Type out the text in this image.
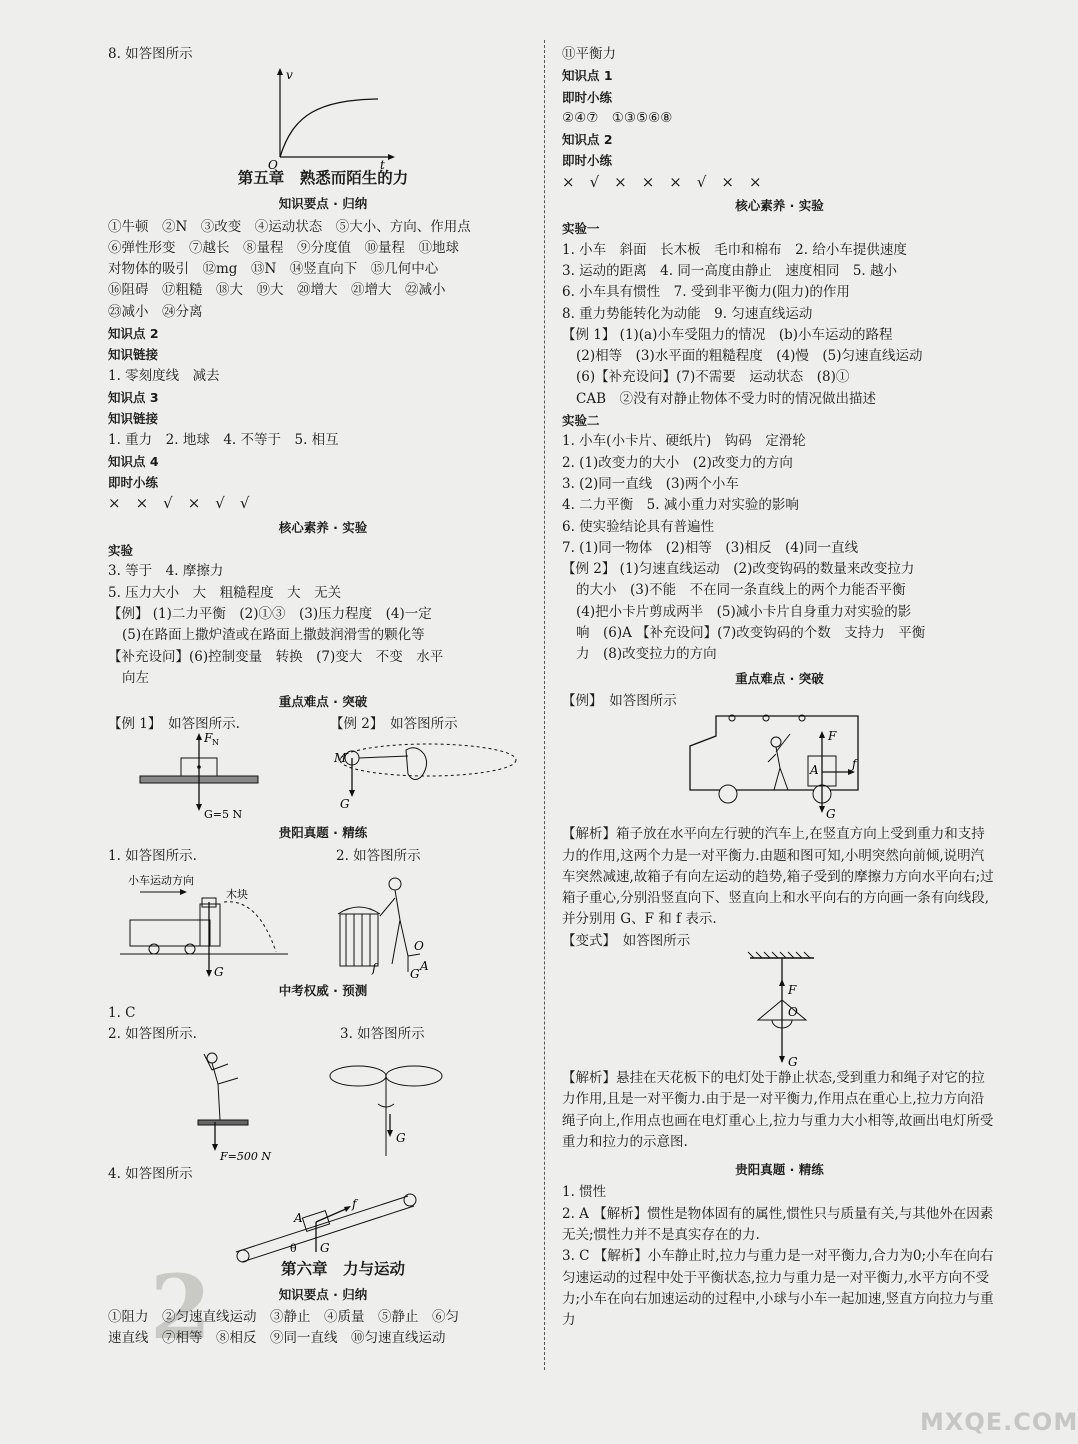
2
8. 如答图所示
v
t
O
第五章　熟悉而陌生的力
知识要点 · 归纳
①牛顿　②N　③改变　④运动状态　⑤大小、方向、作用点
⑥弹性形变　⑦越长　⑧量程　⑨分度值　⑩量程　⑪地球
对物体的吸引　⑫mg　⑬N　⑭竖直向下　⑮几何中心
⑯阻碍　⑰粗糙　⑱大　⑲大　⑳增大　㉑增大　㉒减小
㉓减小　㉔分离
知识点 2
知识链接
1. 零刻度线　减去
知识点 3
知识链接
1. 重力　2. 地球　4. 不等于　5. 相互
知识点 4
即时小练
×　×　√　×　√　√
核心素养 · 实验
实验
3. 等于　4. 摩擦力
5. 压力大小　大　粗糙程度　大　无关
【例】 (1)二力平衡　(2)①③　(3)压力程度　(4)一定
(5)在路面上撒炉渣或在路面上撒鼓润滑雪的颗化等
【补充设问】(6)控制变量　转换　(7)变大　不变　水平
向左
重点难点 · 突破
【例 1】　如答图所示.	【例 2】　如答图所示
F N
G=5 N
M
G
贵阳真题 · 精练
1. 如答图所示.	2. 如答图所示
小车运动方向
木块
G
O
A
f	G
中考权威 · 预测
1. C
2. 如答图所示.	3. 如答图所示
F=500 N
G
4. 如答图所示
f
A
G
θ
第六章　力与运动
知识要点 · 归纳
①阻力　②匀速直线运动　③静止　④质量　⑤静止　⑥匀
速直线　⑦相等　⑧相反　⑨同一直线　⑩匀速直线运动
⑪平衡力
知识点 1
即时小练
②④⑦　①③⑤⑥⑧
知识点 2
即时小练
×　√　×　×　×　√　×　×
核心素养 · 实验
实验一
1. 小车　斜面　长木板　毛巾和棉布　2. 给小车提供速度
3. 运动的距离　4. 同一高度由静止　速度相同　5. 越小
6. 小车具有惯性　7. 受到非平衡力(阻力)的作用
8. 重力势能转化为动能　9. 匀速直线运动
【例 1】 (1)(a)小车受阻力的情况　(b)小车运动的路程
(2)相等　(3)水平面的粗糙程度　(4)慢　(5)匀速直线运动
(6)【补充设问】(7)不需要　运动状态　(8)①
CAB　②没有对静止物体不受力时的情况做出描述
实验二
1. 小车(小卡片、硬纸片)　钩码　定滑轮
2. (1)改变力的大小　(2)改变力的方向
3. (2)同一直线　(3)两个小车
4. 二力平衡　5. 减小重力对实验的影响
6. 使实验结论具有普遍性
7. (1)同一物体　(2)相等　(3)相反　(4)同一直线
【例 2】 (1)匀速直线运动　(2)改变钩码的数量来改变拉力
的大小　(3)不能　不在同一条直线上的两个力能否平衡
(4)把小卡片剪成两半　(5)减小卡片自身重力对实验的影
响　(6)A 【补充设问】(7)改变钩码的个数　支持力　平衡
力　(8)改变拉力的方向
重点难点 · 突破
【例】　如答图所示
F
f
G
A
【解析】箱子放在水平向左行驶的汽车上,在竖直方向上受到重力和支持力的作用,这两个力是一对平衡力.由题和图可知,小明突然向前倾,说明汽车突然减速,故箱子有向左运动的趋势,箱子受到的摩擦力方向水平向右;过箱子重心,分别沿竖直向下、竖直向上和水平向右的方向画一条有向线段,并分别用 G、F 和 f 表示.
【变式】　如答图所示
F
O
G
【解析】悬挂在天花板下的电灯处于静止状态,受到重力和绳子对它的拉力作用,且是一对平衡力.由于是一对平衡力,作用点在重心上,拉力方向沿绳子向上,作用点也画在电灯重心上,拉力与重力大小相等,故画出电灯所受重力和拉力的示意图.
贵阳真题 · 精练
1. 惯性
2. A 【解析】惯性是物体固有的属性,惯性只与质量有关,与其他外在因素无关;惯性力并不是真实存在的力.
3. C 【解析】小车静止时,拉力与重力是一对平衡力,合力为0;小车在向右匀速运动的过程中处于平衡状态,拉力与重力是一对平衡力,水平方向不受力;小车在向右加速运动的过程中,小球与小车一起加速,竖直方向拉力与重力
MXQE.COM
